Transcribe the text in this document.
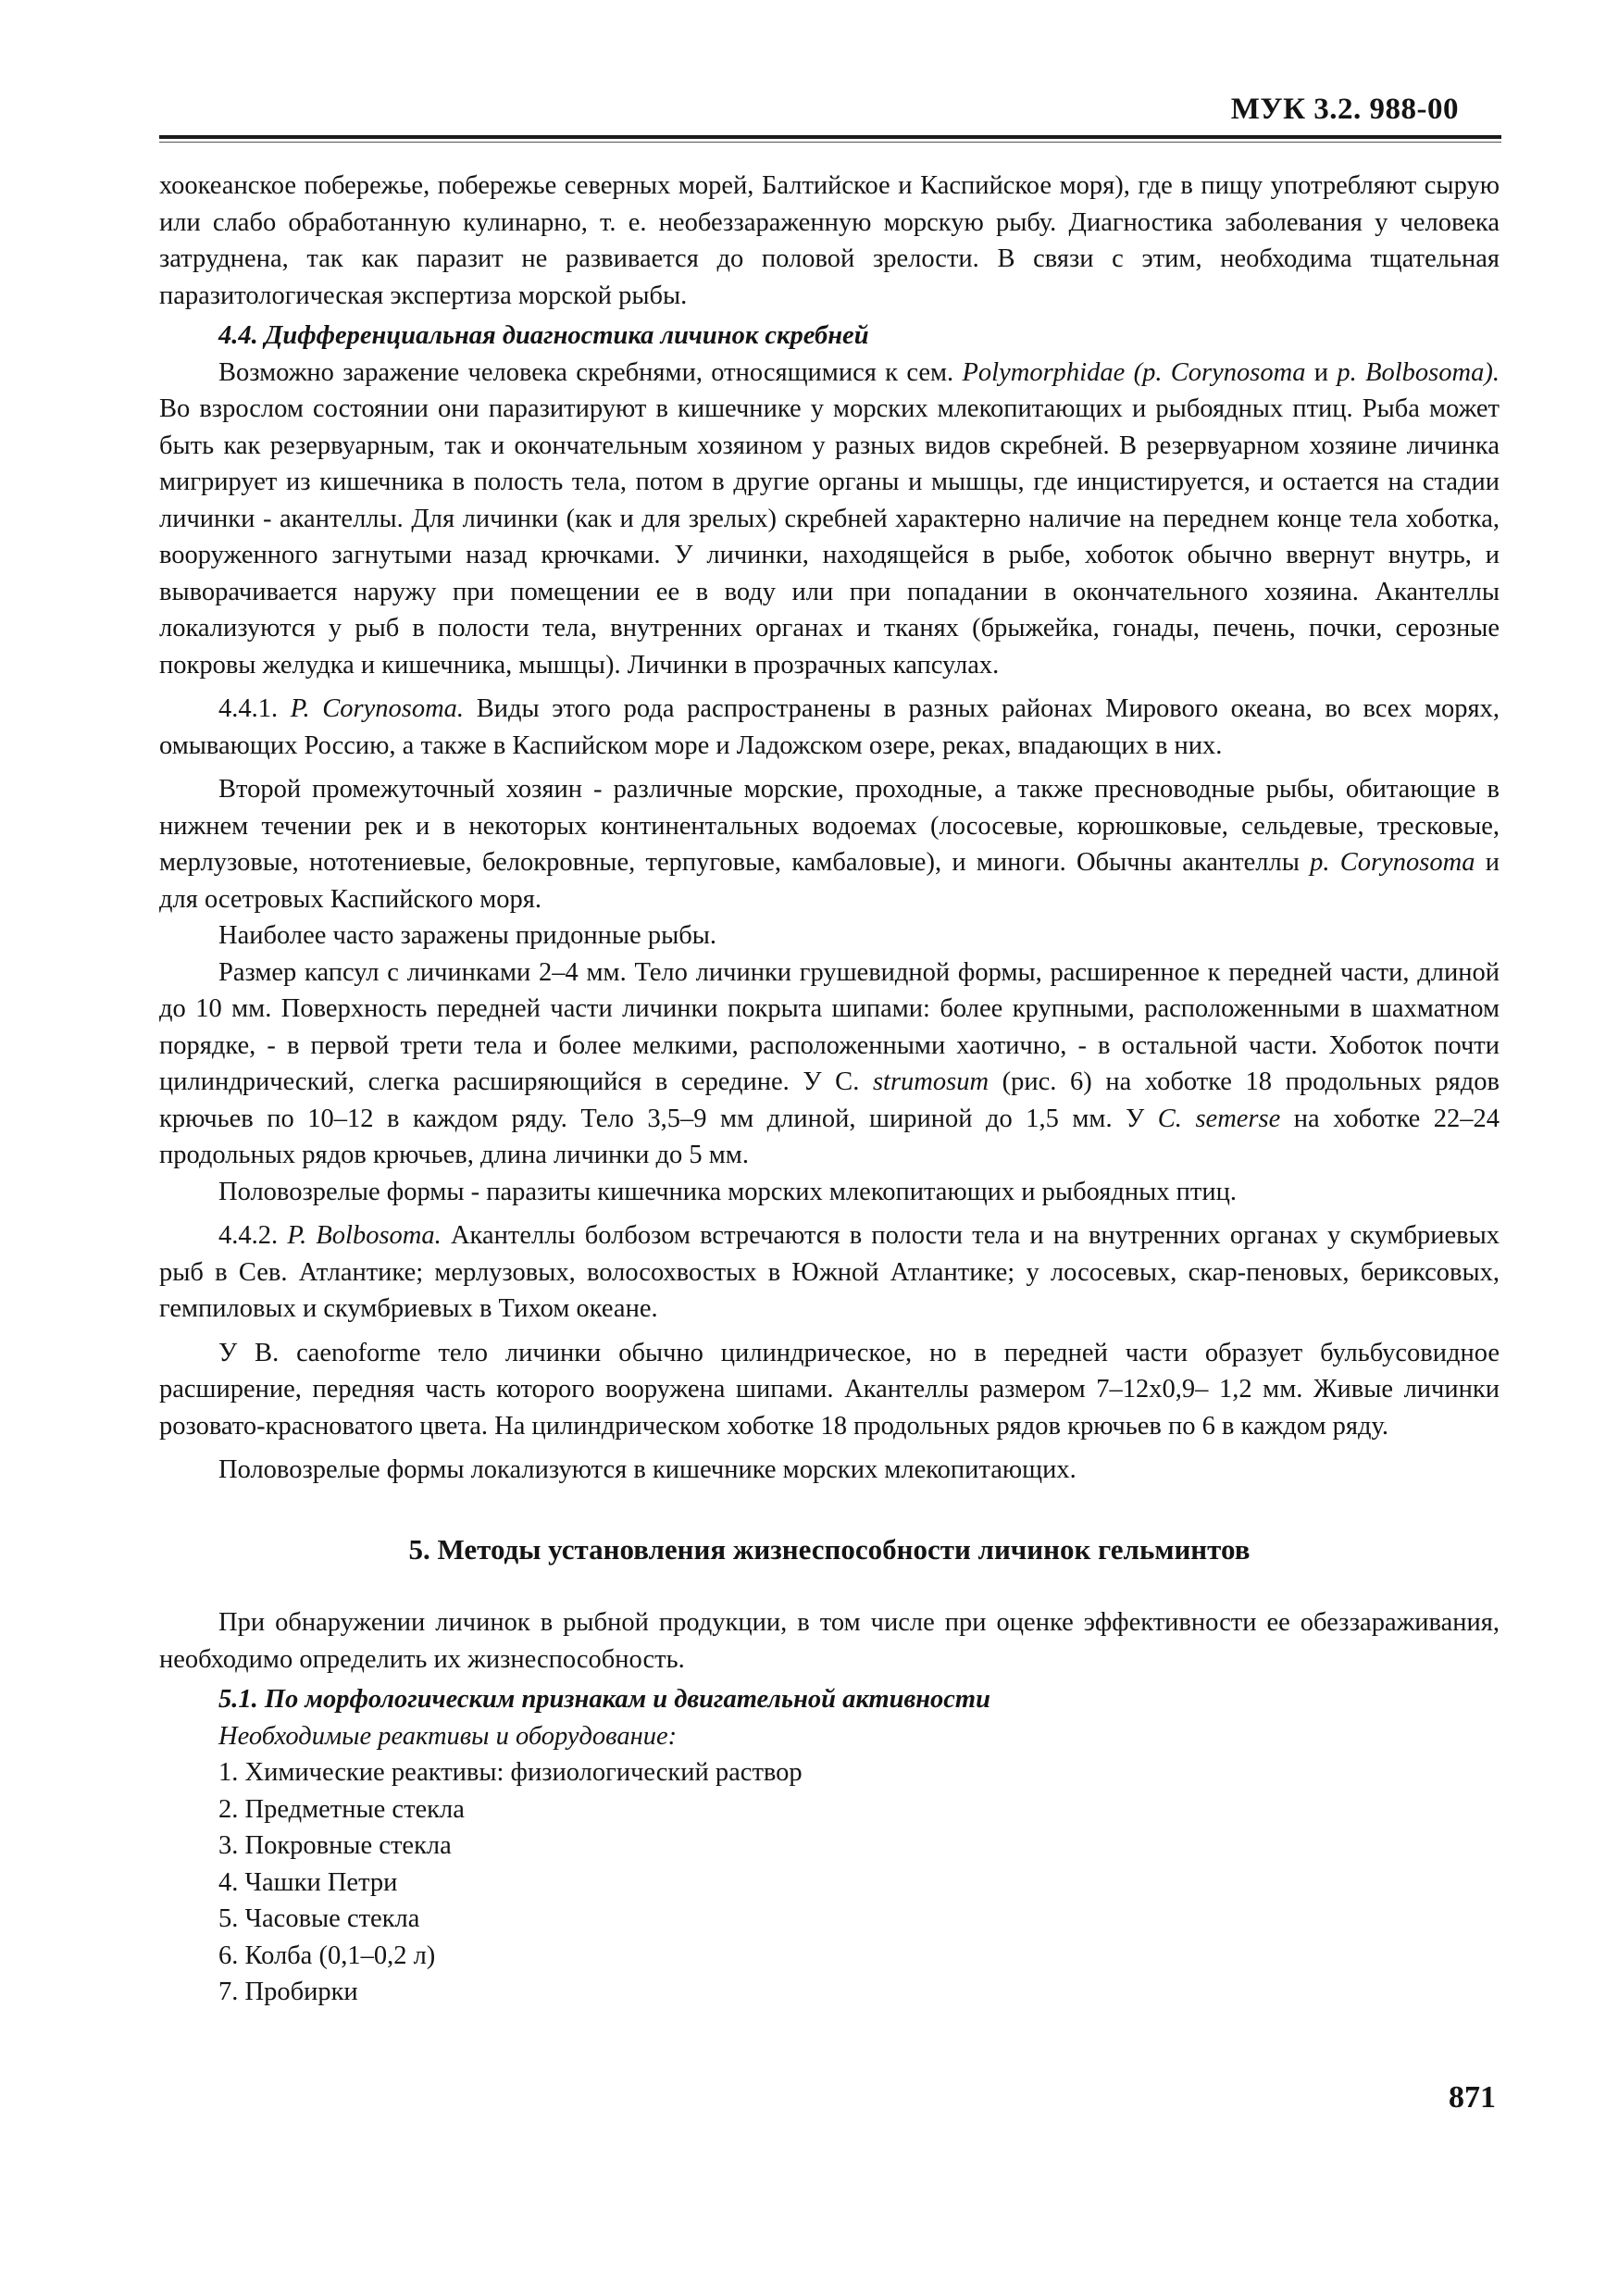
МУК 3.2. 988-00

хоокеанское побережье, побережье северных морей, Балтийское и Каспийское моря), где в пищу употребляют сырую или слабо обработанную кулинарно, т. е. необеззараженную морскую рыбу. Диагностика заболевания у человека затруднена, так как паразит не развивается до половой зрелости. В связи с этим, необходима тщательная паразитологическая экспертиза морской рыбы.

4.4. Дифференциальная диагностика личинок скребней

Возможно заражение человека скребнями, относящимися к сем. Polymorphidae (p. Corynosoma и p. Bolbosoma). Во взрослом состоянии они паразитируют в кишечнике у морских млекопитающих и рыбоядных птиц. Рыба может быть как резервуарным, так и окончательным хозяином у разных видов скребней. В резервуарном хозяине личинка мигрирует из кишечника в полость тела, потом в другие органы и мышцы, где инцистируется, и остается на стадии личинки - акантеллы. Для личинки (как и для зрелых) скребней характерно наличие на переднем конце тела хоботка, вооруженного загнутыми назад крючками. У личинки, находящейся в рыбе, хоботок обычно ввернут внутрь, и выворачивается наружу при помещении ее в воду или при попадании в окончательного хозяина. Акантеллы локализуются у рыб в полости тела, внутренних органах и тканях (брыжейка, гонады, печень, почки, серозные покровы желудка и кишечника, мышцы). Личинки в прозрачных капсулах.

4.4.1. P. Corynosoma. Виды этого рода распространены в разных районах Мирового океана, во всех морях, омывающих Россию, а также в Каспийском море и Ладожском озере, реках, впадающих в них.

Второй промежуточный хозяин - различные морские, проходные, а также пресноводные рыбы, обитающие в нижнем течении рек и в некоторых континентальных водоемах (лососевые, корюшковые, сельдевые, тресковые, мерлузовые, нототениевые, белокровные, терпуговые, камбаловые), и миноги. Обычны акантеллы p. Corynosoma и для осетровых Каспийского моря.

Наиболее часто заражены придонные рыбы.

Размер капсул с личинками 2–4 мм. Тело личинки грушевидной формы, расширенное к передней части, длиной до 10 мм. Поверхность передней части личинки покрыта шипами: более крупными, расположенными в шахматном порядке, - в первой трети тела и более мелкими, расположенными хаотично, - в остальной части. Хоботок почти цилиндрический, слегка расширяющийся в середине. У C. strumosum (рис. 6) на хоботке 18 продольных рядов крючьев по 10–12 в каждом ряду. Тело 3,5–9 мм длиной, шириной до 1,5 мм. У C. semerse на хоботке 22–24 продольных рядов крючьев, длина личинки до 5 мм.

Половозрелые формы - паразиты кишечника морских млекопитающих и рыбоядных птиц.

4.4.2. P. Bolbosoma. Акантеллы болбозом встречаются в полости тела и на внутренних органах у скумбриевых рыб в Сев. Атлантике; мерлузовых, волосохвостых в Южной Атлантике; у лососевых, скар-пеновых, бериксовых, гемпиловых и скумбриевых в Тихом океане.

У B. caenoforme тело личинки обычно цилиндрическое, но в передней части образует бульбусовидное расширение, передняя часть которого вооружена шипами. Акантеллы размером 7–12х0,9– 1,2 мм. Живые личинки розовато-красноватого цвета. На цилиндрическом хоботке 18 продольных рядов крючьев по 6 в каждом ряду.

Половозрелые формы локализуются в кишечнике морских млекопитающих.

5. Методы установления жизнеспособности личинок гельминтов

При обнаружении личинок в рыбной продукции, в том числе при оценке эффективности ее обеззараживания, необходимо определить их жизнеспособность.

5.1. По морфологическим признакам и двигательной активности

Необходимые реактивы и оборудование:

1. Химические реактивы: физиологический раствор

2. Предметные стекла

3. Покровные стекла

4. Чашки Петри

5. Часовые стекла

6. Колба (0,1–0,2 л)

7. Пробирки

871
